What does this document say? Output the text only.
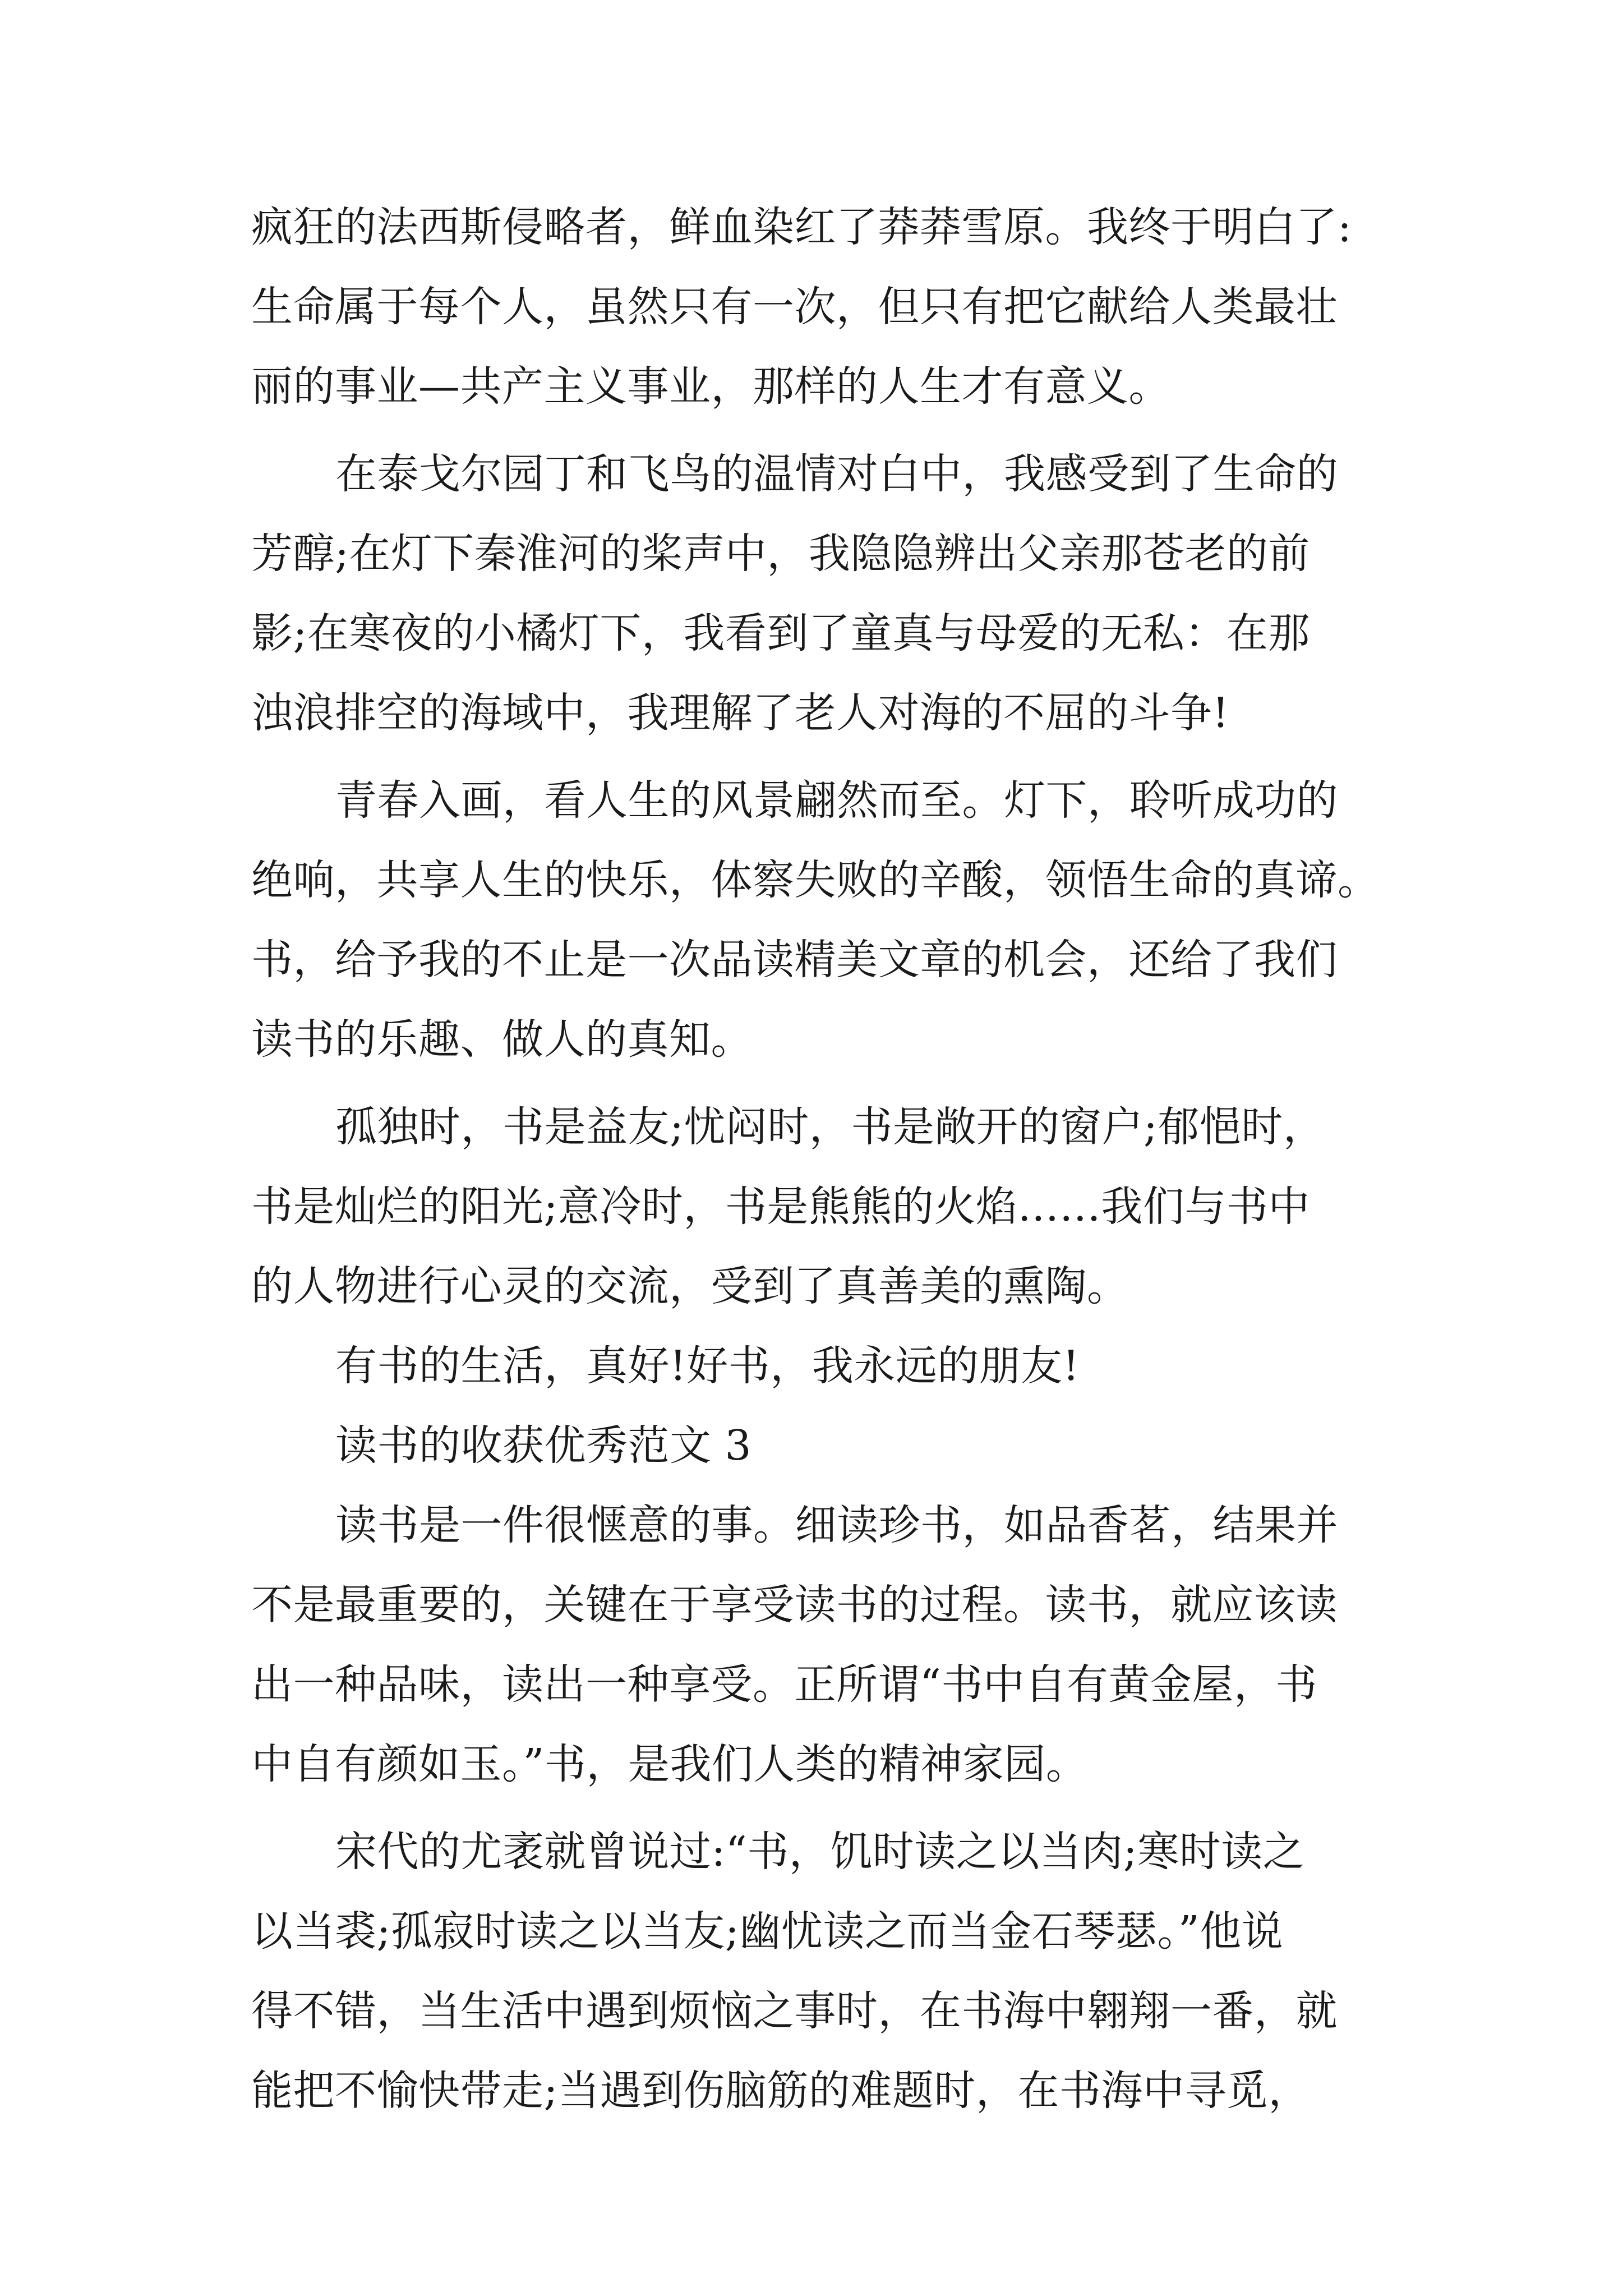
疯狂的法西斯侵略者，鲜血染红了莽莽雪原。我终于明白了:
生命属于每个人，虽然只有一次，但只有把它献给人类最壮
丽的事业—共产主义事业，那样的人生才有意义。
在泰戈尔园丁和飞鸟的温情对白中，我感受到了生命的
芳醇;在灯下秦淮河的桨声中，我隐隐辨出父亲那苍老的前
影;在寒夜的小橘灯下，我看到了童真与母爱的无私：在那
浊浪排空的海域中，我理解了老人对海的不屈的斗争!
青春入画，看人生的风景翩然而至。灯下，聆听成功的
绝响，共享人生的快乐，体察失败的辛酸，领悟生命的真谛。
书，给予我的不止是一次品读精美文章的机会，还给了我们
读书的乐趣、做人的真知。
孤独时，书是益友;忧闷时，书是敞开的窗户;郁悒时，
书是灿烂的阳光;意冷时，书是熊熊的火焰……我们与书中
的人物进行心灵的交流，受到了真善美的熏陶。
有书的生活，真好!好书，我永远的朋友!
读书的收获优秀范文 3
读书是一件很惬意的事。细读珍书，如品香茗，结果并
不是最重要的，关键在于享受读书的过程。读书，就应该读
出一种品味，读出一种享受。正所谓“书中自有黄金屋，书
中自有颜如玉。”书，是我们人类的精神家园。
宋代的尤袤就曾说过:“书，饥时读之以当肉;寒时读之
以当裘;孤寂时读之以当友;幽忧读之而当金石琴瑟。”他说
得不错，当生活中遇到烦恼之事时，在书海中翱翔一番，就
能把不愉快带走;当遇到伤脑筋的难题时，在书海中寻觅，
